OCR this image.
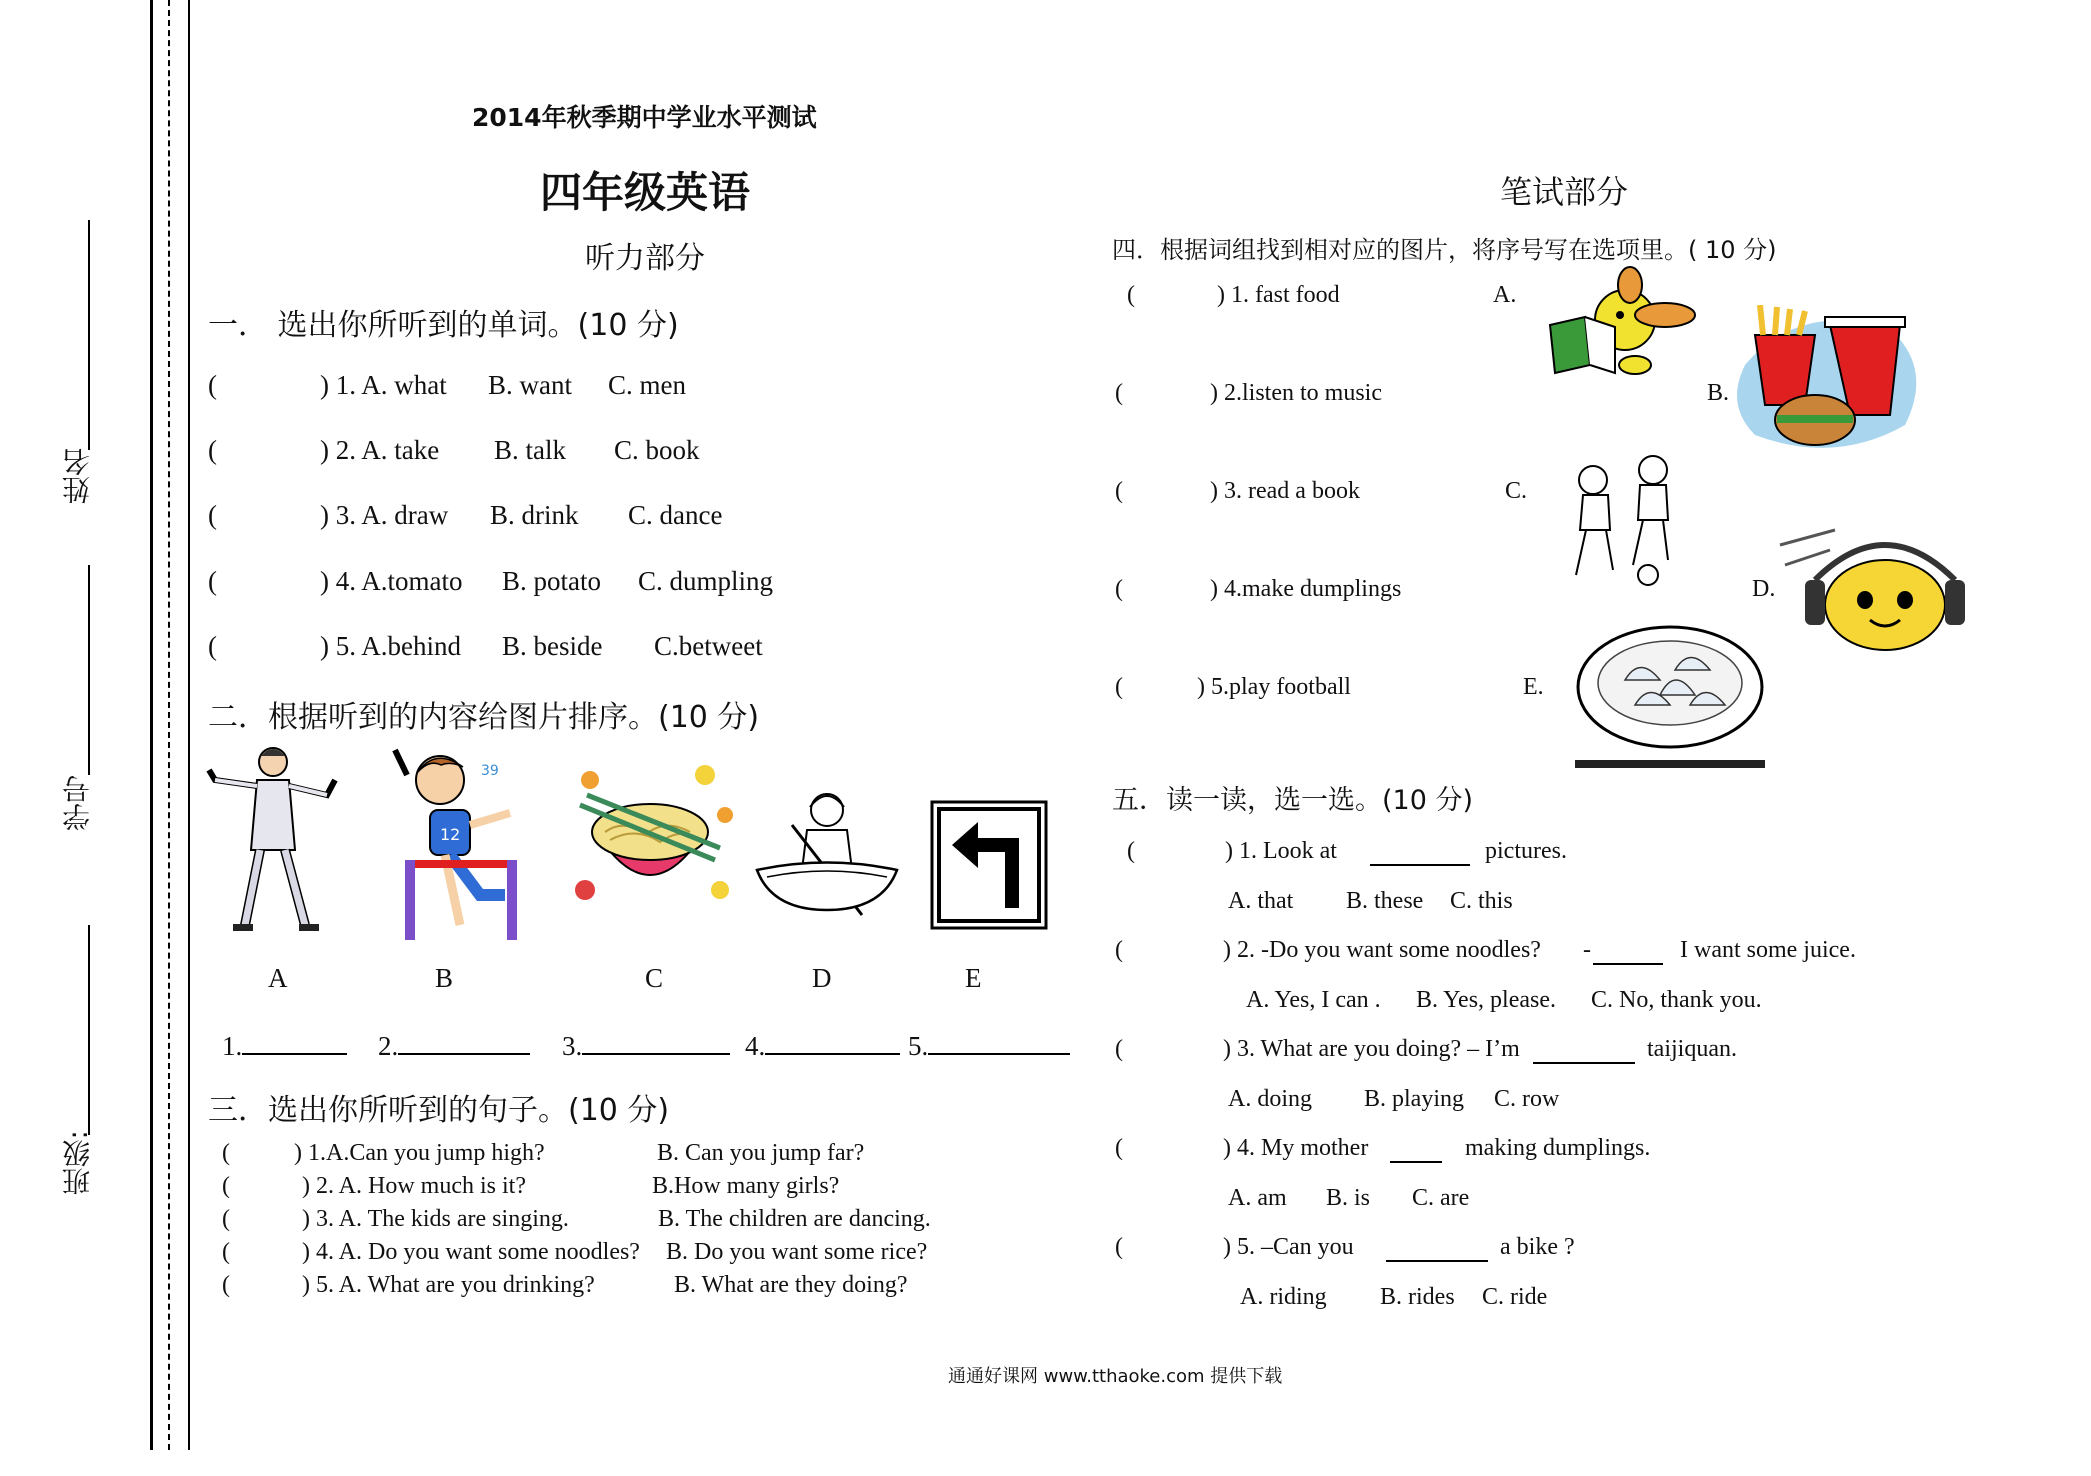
姓名
学号
班级:
2014年秋季期中学业水平测试
四年级英语
听力部分
笔试部分
一． 选出你所听到的单词。(10 分)
(	) 1. A. what B. want C. men
(	) 2. A. take B. talk C. book
(	) 3. A. draw B. drink C. dance
(	) 4. A.tomato B. potato C. dumpling
(	) 5. A.behind B. beside C.betweet
二．根据听到的内容给图片排序。(10 分)
12
39
A	B	C	D	E
1.	2.	3.	4.	5.
三．选出你所听到的句子。(10 分)
(	) 1.A.Can you jump high?	B. Can you jump far?
(	) 2. A. How much is it?	B.How many girls?
(	) 3. A. The kids are singing.	B. The children are dancing.
(	) 4. A. Do you want some noodles? B. Do you want some rice?
(	) 5. A. What are you drinking?	B. What are they doing?
四．根据词组找到相对应的图片，将序号写在选项里。( 10 分)
(	) 1. fast food
(	) 2.listen to music
(	) 3. read a book
(	) 4.make dumplings
(	) 5.play football
A.
B.
C.
D.
E.
五．读一读，选一选。(10 分)
(	) 1. Look at	pictures.
A. that B. these C. this
(	) 2. -Do you want some noodles? -	I want some juice.
A. Yes, I can . B. Yes, please. C. No, thank you.
(	) 3. What are you doing? – I’m	taijiquan.
A. doing B. playing C. row
(	) 4. My mother	making dumplings.
A. am B. is C. are
(	) 5. –Can you	a bike ?
A. riding B. rides C. ride
通通好课网 www.tthaoke.com 提供下载
